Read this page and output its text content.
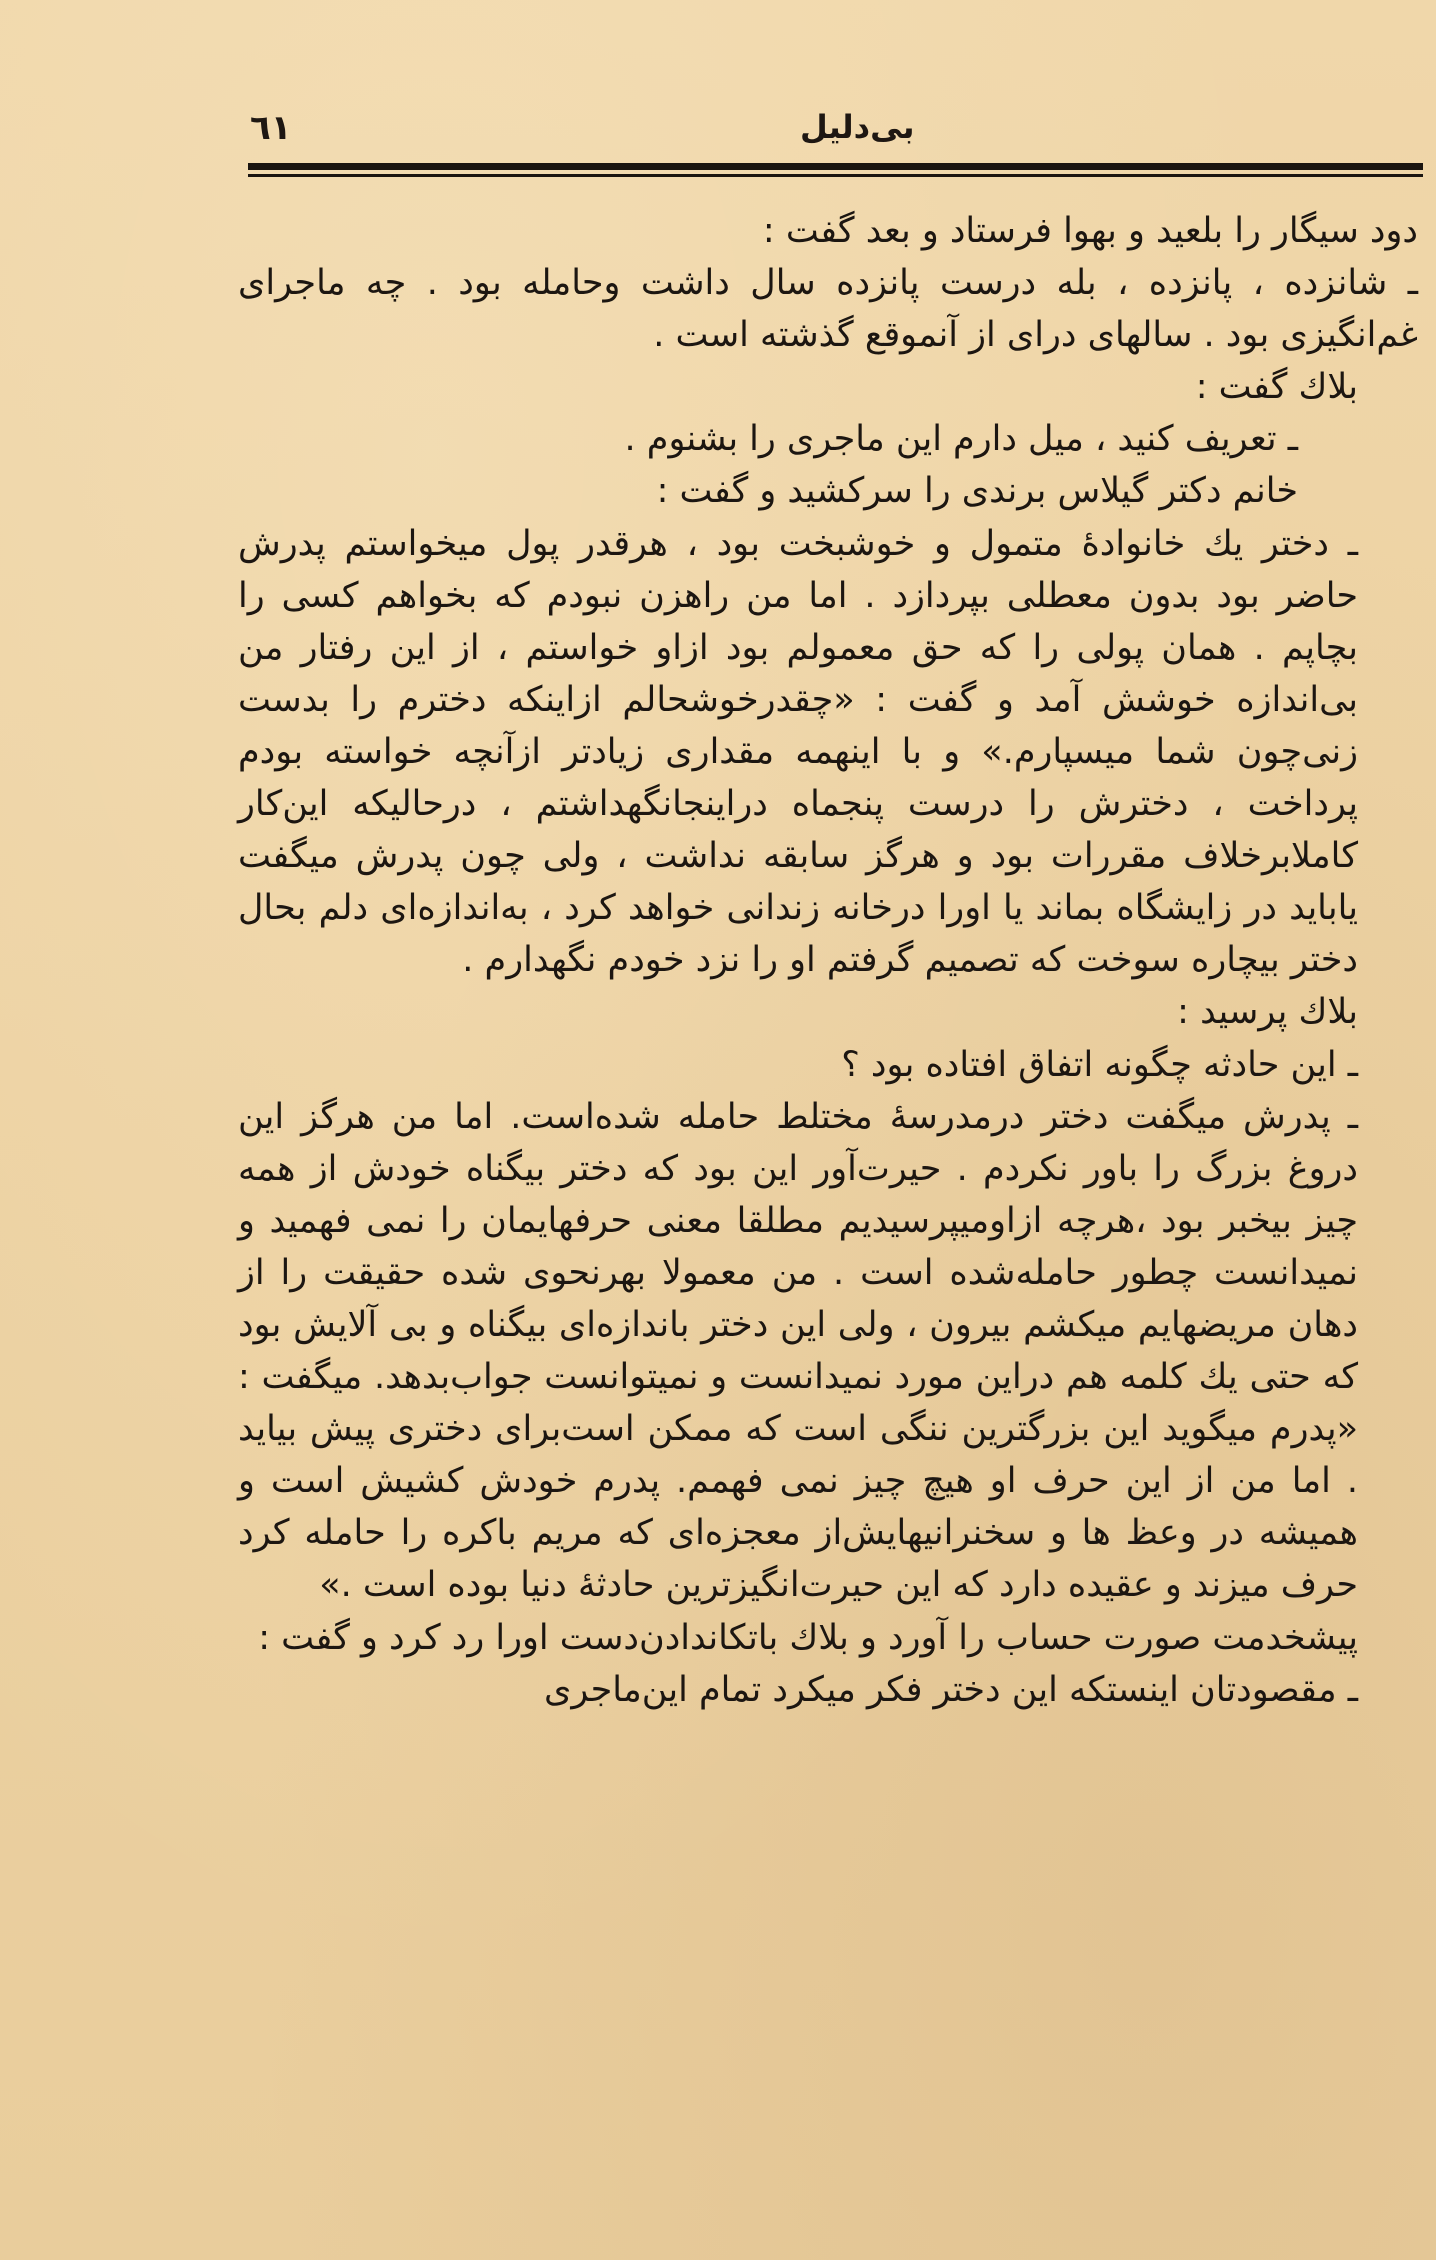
٦١	بی‌دلیل

دود سیگار را بلعید و بهوا فرستاد و بعد گفت :

ـ شانزده ، پانزده ، بله درست پانزده سال داشت وحامله بود . چه ماجرای غم‌انگیزی بود . سالهای درای از آنموقع گذشته است .

بلاك گفت :

ـ تعریف کنید ، میل دارم این ماجری را بشنوم .

خانم دکتر گیلاس برندی را سرکشید و گفت :

ـ دختر یك خانوادهٔ متمول و خوشبخت بود ، هرقدر پول میخواستم پدرش حاضر بود بدون معطلی بپردازد . اما من راهزن نبودم که بخواهم کسی را بچاپم . همان پولی را که حق معمولم بود ازاو خواستم ، از این رفتار من بی‌اندازه خوشش آمد و گفت : «چقدرخوشحالم ازاینکه دخترم را بدست زنی‌چون شما میسپارم.» و با اینهمه مقداری زیادتر ازآنچه خواسته بودم پرداخت ، دخترش را درست پنجماه دراینجانگهداشتم ، درحالیکه این‌کار کاملابرخلاف مقررات بود و هرگز سابقه نداشت ، ولی چون پدرش میگفت یاباید در زایشگاه بماند یا اورا درخانه زندانی خواهد کرد ، به‌اندازه‌ای دلم بحال دختر بیچاره سوخت که تصمیم گرفتم او را نزد خودم نگهدارم .

بلاك پرسید :

ـ این حادثه چگونه اتفاق افتاده بود ؟

ـ پدرش میگفت دختر درمدرسهٔ مختلط حامله شده‌است. اما من هرگز این دروغ بزرگ را باور نکردم . حیرت‌آور این بود که دختر بیگناه خودش از همه چیز بیخبر بود ،هرچه ازاومیپرسیدیم مطلقا معنی حرفهایمان را نمی فهمید و نمیدانست چطور حامله‌شده است . من معمولا بهرنحوی شده حقیقت را از دهان مریضهایم میکشم بیرون ، ولی این دختر باندازه‌ای بیگناه و بی آلایش بود که حتی یك کلمه هم دراین مورد نمیدانست و نمیتوانست جواب‌بدهد. میگفت : «پدرم میگوید این بزرگترین ننگی است که ممکن است‌برای دختری پیش بیاید . اما من از این حرف او هیچ چیز نمی فهمم. پدرم خودش کشیش است و همیشه در وعظ ها و سخنرانیهایش‌از معجزه‌ای که مریم باکره را حامله کرد حرف میزند و عقیده دارد که این حیرت‌انگیزترین حادثهٔ دنیا بوده است .»

پیشخدمت صورت حساب را آورد و بلاك باتکاندادن‌دست اورا رد کرد و گفت :

ـ مقصودتان اینستکه این دختر فکر میکرد تمام این‌ماجری
